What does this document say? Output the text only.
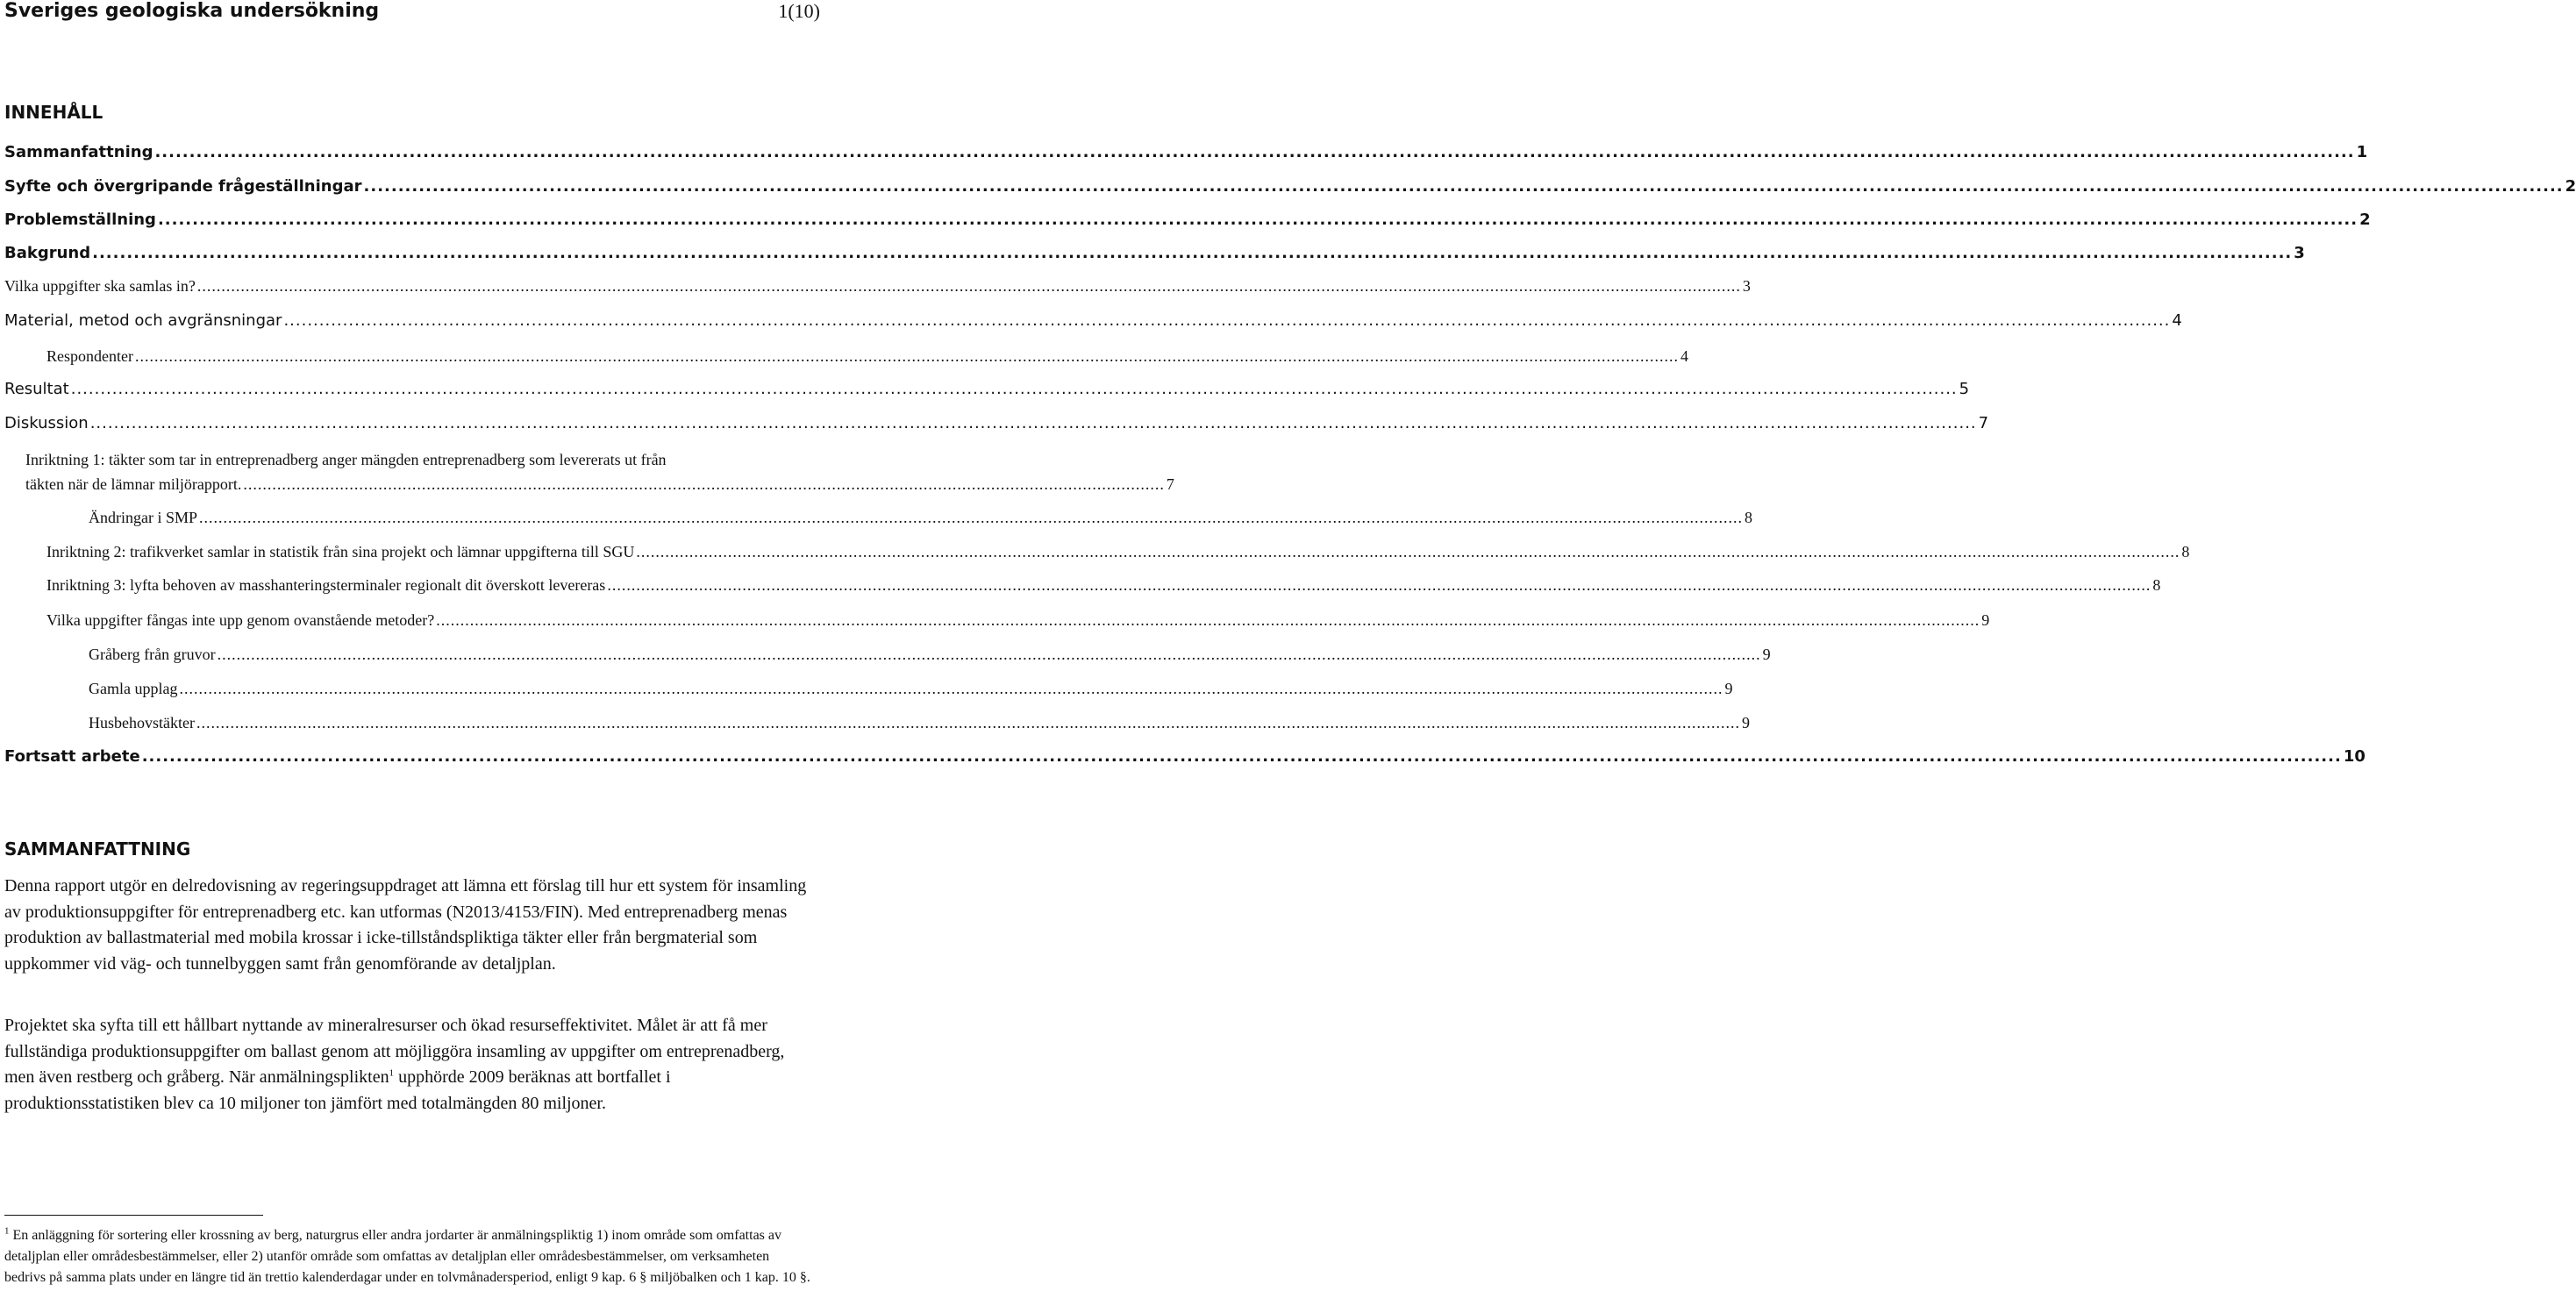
Sveriges geologiska undersökning	1(10)
INNEHÅLL
Sammanfattning .....	1
Syfte och övergripande frågeställningar .....	2
Problemställning .....	2
Bakgrund .....	3
Vilka uppgifter ska samlas in? .....	3
Material, metod och avgränsningar .....	4
Respondenter .....	4
Resultat .....	5
Diskussion .....	7
Inriktning 1: täkter som tar in entreprenadberg anger mängden entreprenadberg som levererats ut från
täkten när de lämnar miljörapport. .....	7
Ändringar i SMP .....	8
Inriktning 2: trafikverket samlar in statistik från sina projekt och lämnar uppgifterna till SGU .....	8
Inriktning 3: lyfta behoven av masshanteringsterminaler regionalt dit överskott levereras .....	8
Vilka uppgifter fångas inte upp genom ovanstående metoder? .....	9
Gråberg från gruvor .....	9
Gamla upplag .....	9
Husbehovstäkter .....	9
Fortsatt arbete .....	10
SAMMANFATTNING
Denna rapport utgör en delredovisning av regeringsuppdraget att lämna ett förslag till hur ett system för insamling av produktionsuppgifter för entreprenadberg etc. kan utformas (N2013/4153/FIN). Med entreprenadberg menas produktion av ballastmaterial med mobila krossar i icke-tillståndspliktiga täkter eller från bergmaterial som uppkommer vid väg- och tunnelbyggen samt från genomförande av detaljplan.
Projektet ska syfta till ett hållbart nyttande av mineralresurser och ökad resurseffektivitet. Målet är att få mer fullständiga produktionsuppgifter om ballast genom att möjliggöra insamling av uppgifter om entreprenadberg, men även restberg och gråberg. När anmälningsplikten$^1$ upphörde 2009 beräknas att bortfallet i produktionsstatistiken blev ca 10 miljoner ton jämfört med totalmängden 80 miljoner.
$^1$ En anläggning för sortering eller krossning av berg, naturgrus eller andra jordarter är anmälningspliktig 1) inom område som omfattas av detaljplan eller områdesbestämmelser, eller 2) utanför område som omfattas av detaljplan eller områdesbestämmelser, om verksamheten bedrivs på samma plats under en längre tid än trettio kalenderdagar under en tolvmånadersperiod, enligt 9 kap. 6 § miljöbalken och 1 kap. 10 §.
